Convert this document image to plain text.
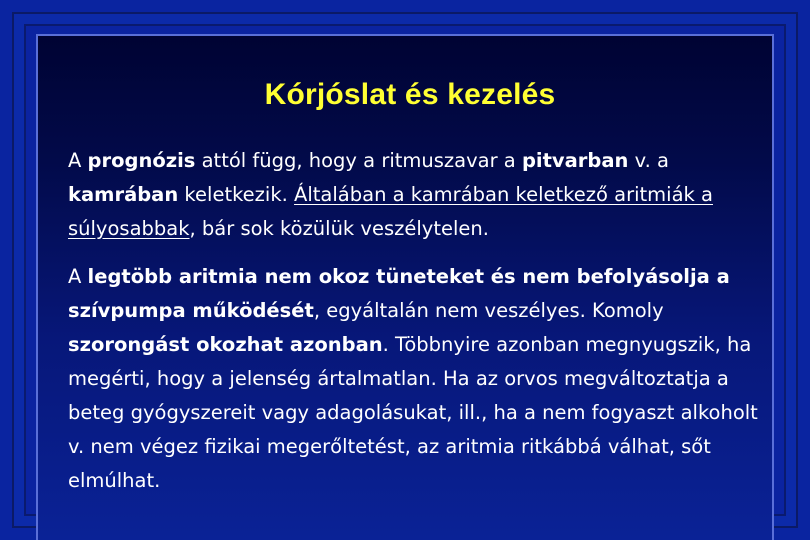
Kórjóslat és kezelés

A prognózis attól függ, hogy a ritmuszavar a pitvarban v. a kamrában keletkezik. Általában a kamrában keletkező aritmiák a súlyosabbak, bár sok közülük veszélytelen.

A legtöbb aritmia nem okoz tüneteket és nem befolyásolja a szívpumpa működését, egyáltalán nem veszélyes. Komoly szorongást okozhat azonban. Többnyire azonban megnyugszik, ha megérti, hogy a jelenség ártalmatlan. Ha az orvos megváltoztatja a beteg gyógyszereit vagy adagolásukat, ill., ha a nem fogyaszt alkoholt v. nem végez fizikai megerőltetést, az aritmia ritkábbá válhat, sőt elmúlhat.
